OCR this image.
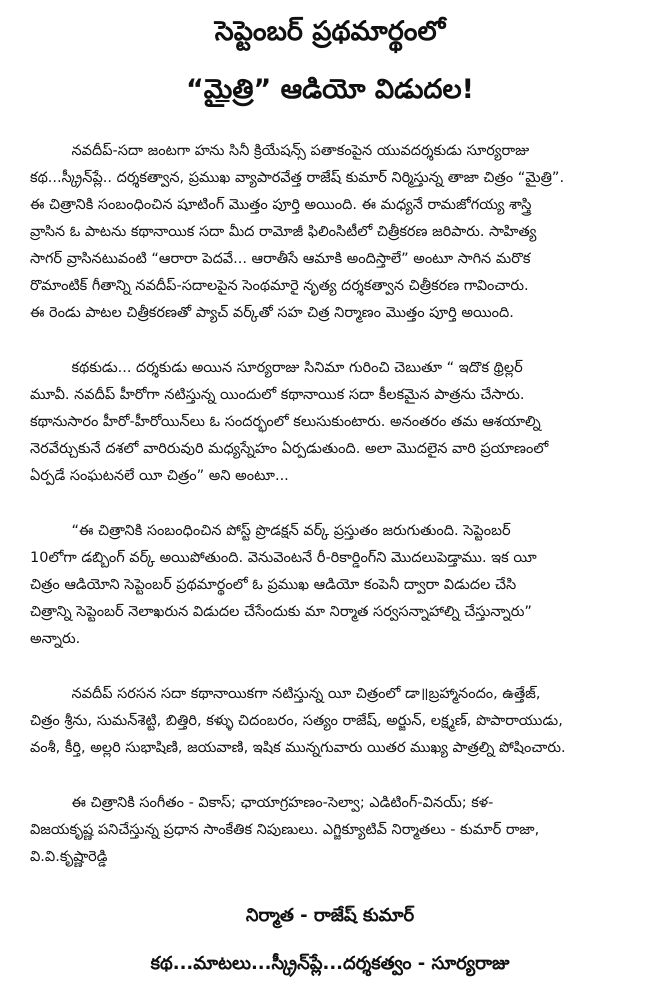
సెప్టెంబర్ ప్రథమార్థంలో
“మైత్రి” ఆడియో విడుదల!
నవదీప్-సదా జంటగా హను సినీ క్రియేషన్స్ పతాకంపైన యువదర్శకుడు సూర్యరాజు
కథ...స్క్రీన్‌ప్లే.. దర్శకత్వాన, ప్రముఖ వ్యాపారవేత్త రాజేష్ కుమార్ నిర్మిస్తున్న తాజా చిత్రం “మైత్రి”.
ఈ చిత్రానికి సంబంధించిన షూటింగ్ మొత్తం పూర్తి అయింది. ఈ మధ్యనే రామజోగయ్య శాస్త్రి
వ్రాసిన ఓ పాటను కథానాయిక సదా మీద రామోజీ ఫిలింసిటీలో చిత్రీకరణ జరిపారు. సాహిత్య
సాగర్ వ్రాసినటువంటి “ఆరారా పెదవే... ఆరాతీసే ఆమాకి అందిస్తాలే” అంటూ సాగిన మరొక
రొమాంటిక్ గీతాన్ని నవదీప్-సదాలపైన సెంథమారై నృత్య దర్శకత్వాన చిత్రీకరణ గావించారు.
ఈ రెండు పాటల చిత్రీకరణతో ప్యాచ్ వర్క్‌తో సహ చిత్ర నిర్మాణం మొత్తం పూర్తి అయింది.
కథకుడు... దర్శకుడు అయిన సూర్యరాజు సినిమా గురించి చెబుతూ “ ఇదొక థ్రిల్లర్
మూవీ. నవదీప్ హీరోగా నటిస్తున్న యిందులో కథానాయిక సదా కీలకమైన పాత్రను చేసారు.
కథానుసారం హీరో-హీరోయిన్‌లు ఓ సందర్భంలో కలుసుకుంటారు. అనంతరం తమ ఆశయాల్ని
నెరవేర్చుకునే దశలో వారిరువురి మధ్యస్నేహం ఏర్పడుతుంది. అలా మొదలైన వారి ప్రయాణంలో
ఏర్పడే సంఘటనలే యీ చిత్రం” అని అంటూ...
“ఈ చిత్రానికి సంబంధించిన పోస్ట్ ప్రొడక్షన్ వర్క్ ప్రస్తుతం జరుగుతుంది. సెప్టెంబర్
10లోగా డబ్బింగ్ వర్క్ అయిపోతుంది. వెనువెంటనే రీ-రికార్డింగ్‌ని మొదలుపెడ్తాము. ఇక యీ
చిత్రం ఆడియోని సెప్టెంబర్ ప్రథమార్థంలో ఓ ప్రముఖ ఆడియో కంపెనీ ద్వారా విడుదల చేసి
చిత్రాన్ని సెప్టెంబర్ నెలాఖరున విడుదల చేసేందుకు మా నిర్మాత సర్వసన్నాహాల్ని చేస్తున్నారు”
అన్నారు.
నవదీప్ సరసన సదా కథానాయికగా నటిస్తున్న యీ చిత్రంలో డా॥బ్రహ్మానందం, ఉత్తేజ్,
చిత్రం శ్రీను, సుమన్‌శెట్టి, బిత్తిరి, కళ్ళు చిదంబరం, సత్యం రాజేష్, అర్జున్, లక్ష్మణ్, పొపారాయుడు,
వంశీ, కీర్తి, అల్లరి సుభాషిణి, జయవాణి, ఇషిక మున్నగువారు యితర ముఖ్య పాత్రల్ని పోషించారు.
ఈ చిత్రానికి సంగీతం - వికాస్; ఛాయాగ్రహణం-సెల్వా; ఎడిటింగ్-వినయ్; కళ-
విజయకృష్ణ పనిచేస్తున్న ప్రధాన సాంకేతిక నిపుణులు. ఎగ్జిక్యూటివ్ నిర్మాతలు - కుమార్ రాజా,
వి.వి.కృష్ణారెడ్డి

నిర్మాత - రాజేష్ కుమార్

కథ...మాటలు...స్క్రీన్‌ప్లే...దర్శకత్వం - సూర్యరాజు
